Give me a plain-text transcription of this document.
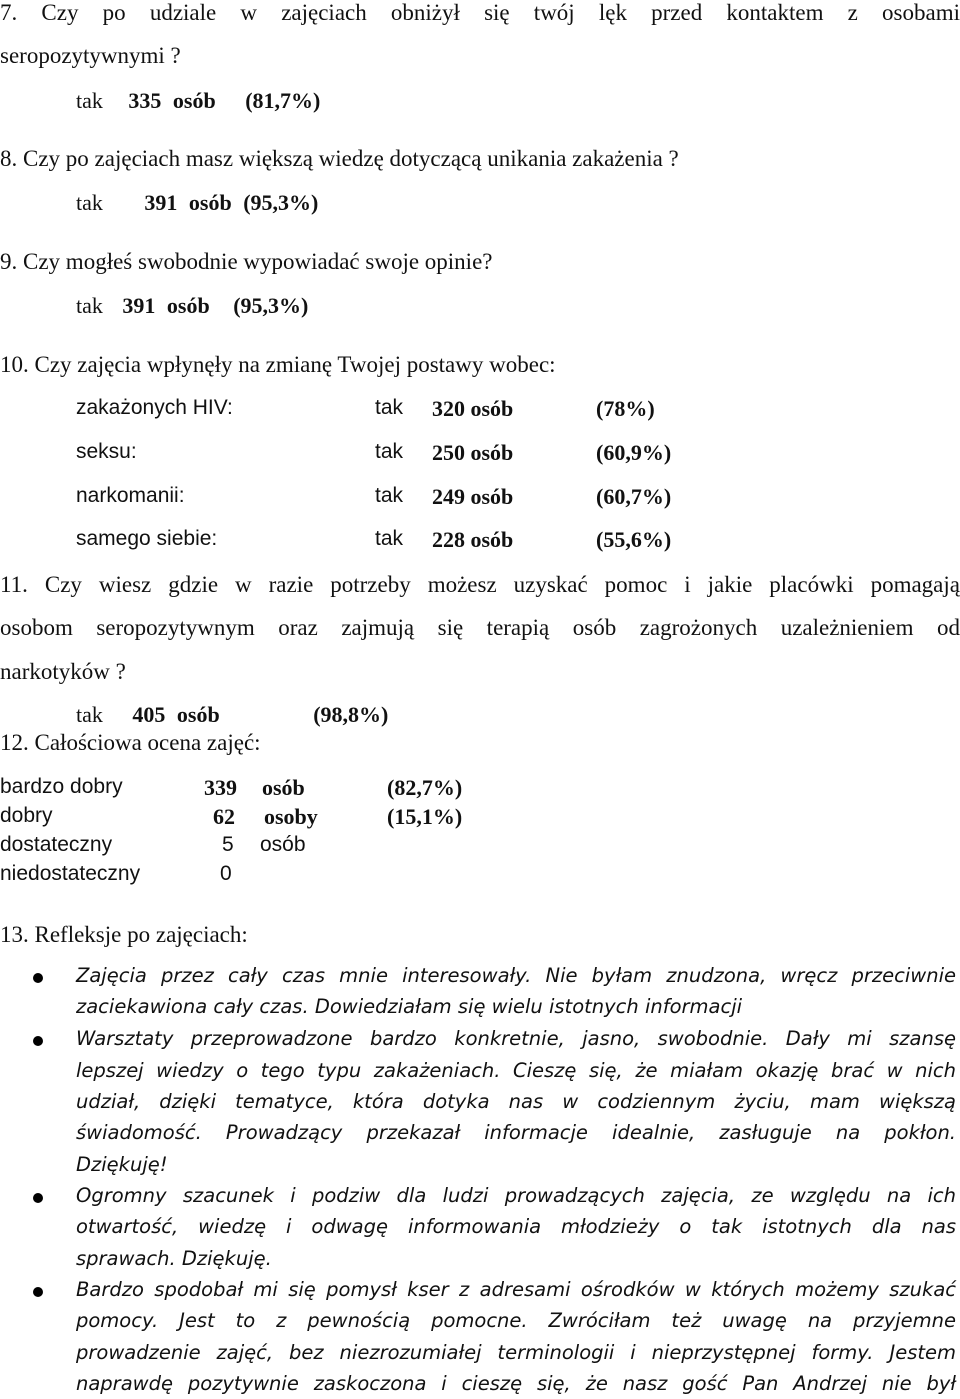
7. Czy po udziale w zajęciach obniżył się twój lęk przed kontaktem z osobami
seropozytywnymi ?
tak 335 osób (81,7%)
8. Czy po zajęciach masz większą wiedzę dotyczącą unikania zakażenia ?
tak 391 osób (95,3%)
9. Czy mogłeś swobodnie wypowiadać swoje opinie?
tak 391 osób (95,3%)
10. Czy zajęcia wpłynęły na zmianę Twojej postawy wobec:
zakażonych HIV:	tak 320 osób	(78%)
seksu:	tak 250 osób	(60,9%)
narkomanii:	tak 249 osób	(60,7%)
samego siebie:	tak 228 osób	(55,6%)
11. Czy wiesz gdzie w razie potrzeby możesz uzyskać pomoc i jakie placówki pomagają
osobom seropozytywnym oraz zajmują się terapią osób zagrożonych uzależnieniem od
narkotyków ?
tak 405 osób	(98,8%)
12. Całościowa ocena zajęć:
bardzo dobry	339 osób	(82,7%)
dobry	62 osoby	(15,1%)
dostateczny	5 osób
niedostateczny	0
13. Refleksje po zajęciach:
Zajęcia przez cały czas mnie interesowały. Nie byłam znudzona, wręcz przeciwnie
zaciekawiona cały czas. Dowiedziałam się wielu istotnych informacji
Warsztaty przeprowadzone bardzo konkretnie, jasno, swobodnie. Dały mi szansę
lepszej wiedzy o tego typu zakażeniach. Cieszę się, że miałam okazję brać w nich
udział, dzięki tematyce, która dotyka nas w codziennym życiu, mam większą
świadomość. Prowadzący przekazał informacje idealnie, zasługuje na pokłon.
Dziękuję!
Ogromny szacunek i podziw dla ludzi prowadzących zajęcia, ze względu na ich
otwartość, wiedzę i odwagę informowania młodzieży o tak istotnych dla nas
sprawach. Dziękuję.
Bardzo spodobał mi się pomysł kser z adresami ośrodków w których możemy szukać
pomocy. Jest to z pewnością pomocne. Zwróciłam też uwagę na przyjemne
prowadzenie zajęć, bez niezrozumiałej terminologii i nieprzystępnej formy. Jestem
naprawdę pozytywnie zaskoczona i cieszę się, że nasz gość Pan Andrzej nie był
